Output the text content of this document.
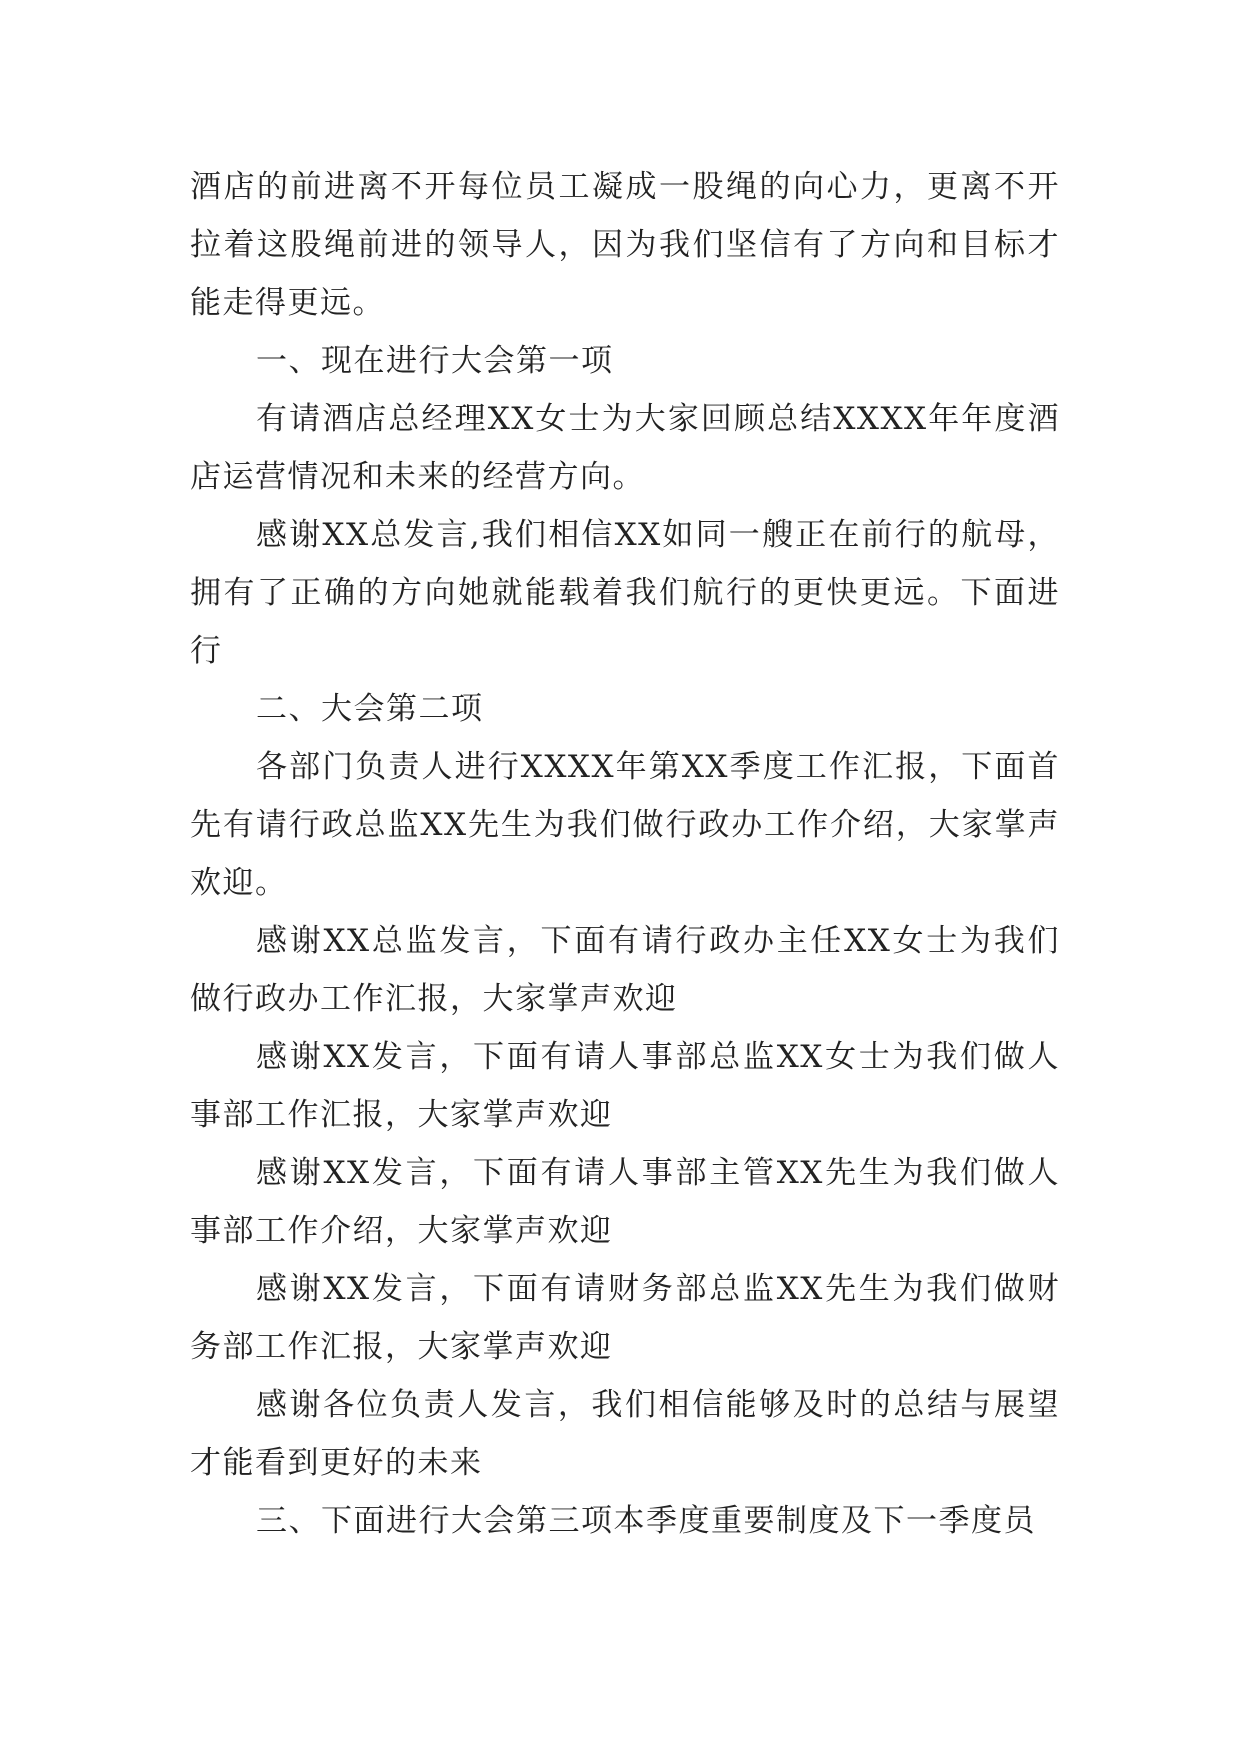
酒店的前进离不开每位员工凝成一股绳的向心力，更离不开拉着这股绳前进的领导人，因为我们坚信有了方向和目标才能走得更远。

一、现在进行大会第一项

有请酒店总经理XX女士为大家回顾总结XXXX年年度酒店运营情况和未来的经营方向。

感谢XX总发言,我们相信XX如同一艘正在前行的航母，拥有了正确的方向她就能载着我们航行的更快更远。下面进行

二、大会第二项

各部门负责人进行XXXX年第XX季度工作汇报，下面首先有请行政总监XX先生为我们做行政办工作介绍，大家掌声欢迎。

感谢XX总监发言，下面有请行政办主任XX女士为我们做行政办工作汇报，大家掌声欢迎

感谢XX发言，下面有请人事部总监XX女士为我们做人事部工作汇报，大家掌声欢迎

感谢XX发言，下面有请人事部主管XX先生为我们做人事部工作介绍，大家掌声欢迎

感谢XX发言，下面有请财务部总监XX先生为我们做财务部工作汇报，大家掌声欢迎

感谢各位负责人发言，我们相信能够及时的总结与展望才能看到更好的未来

三、下面进行大会第三项本季度重要制度及下一季度员
